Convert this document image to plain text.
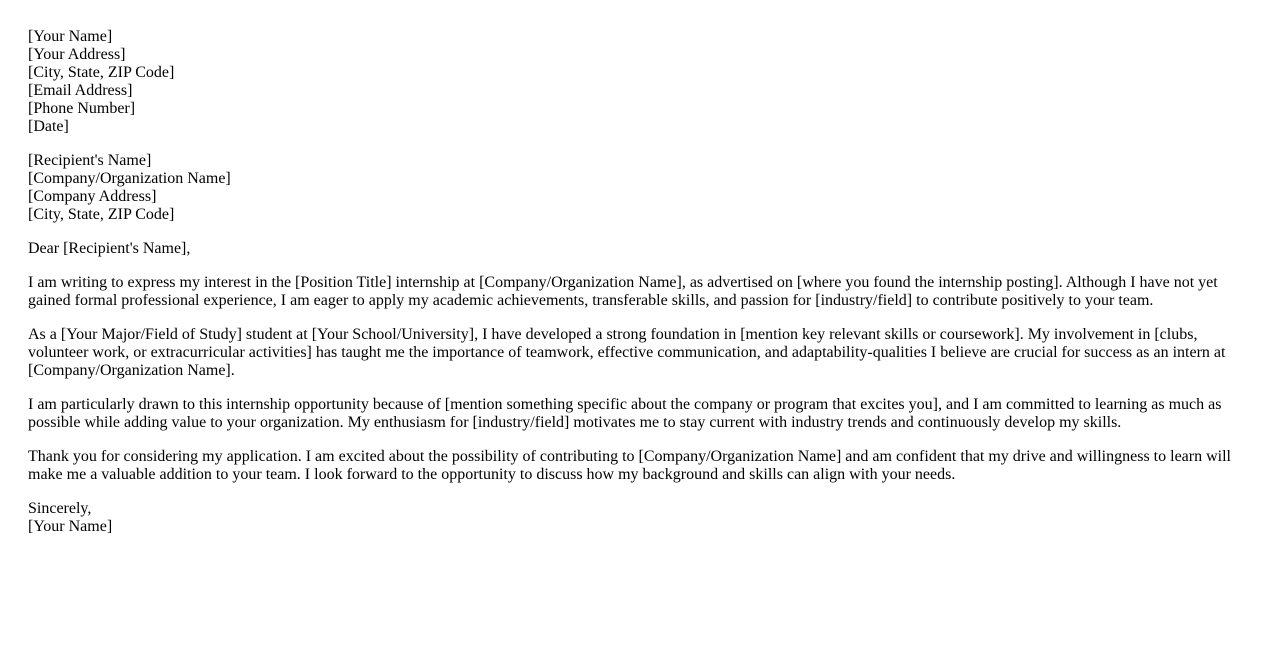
[Your Name]
[Your Address]
[City, State, ZIP Code]
[Email Address]
[Phone Number]
[Date]
[Recipient's Name]
[Company/Organization Name]
[Company Address]
[City, State, ZIP Code]

Dear [Recipient's Name],

I am writing to express my interest in the [Position Title] internship at [Company/Organization Name], as advertised on [where you found the internship posting]. Although I have not yet gained formal professional experience, I am eager to apply my academic achievements, transferable skills, and passion for [industry/field] to contribute positively to your team.

As a [Your Major/Field of Study] student at [Your School/University], I have developed a strong foundation in [mention key relevant skills or coursework]. My involvement in [clubs, volunteer work, or extracurricular activities] has taught me the importance of teamwork, effective communication, and adaptability-qualities I believe are crucial for success as an intern at [Company/Organization Name].

I am particularly drawn to this internship opportunity because of [mention something specific about the company or program that excites you], and I am committed to learning as much as possible while adding value to your organization. My enthusiasm for [industry/field] motivates me to stay current with industry trends and continuously develop my skills.

Thank you for considering my application. I am excited about the possibility of contributing to [Company/Organization Name] and am confident that my drive and willingness to learn will make me a valuable addition to your team. I look forward to the opportunity to discuss how my background and skills can align with your needs.

Sincerely,
[Your Name]
